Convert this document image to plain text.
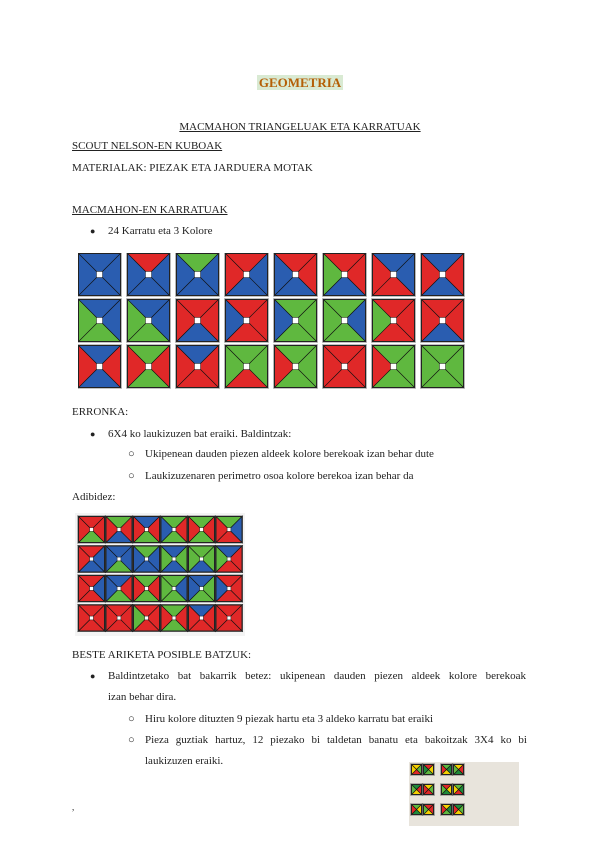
GEOMETRIA
MACMAHON TRIANGELUAK ETA KARRATUAK
SCOUT NELSON-EN KUBOAK
MATERIALAK: PIEZAK ETA JARDUERA MOTAK
MACMAHON-EN KARRATUAK
● 24 Karratu eta 3 Kolore
ERRONKA:
● 6X4 ko laukizuzen bat eraiki. Baldintzak:
○ Ukipenean dauden piezen aldeek kolore berekoak izan behar dute
○ Laukizuzenaren perimetro osoa kolore berekoa izan behar da
Adibidez:
BESTE ARIKETA POSIBLE BATZUK:
● Baldintzetako bat bakarrik betez: ukipenean dauden piezen aldeek kolore berekoak
izan behar dira.
○ Hiru kolore dituzten 9 piezak hartu eta 3 aldeko karratu bat eraiki
○ Pieza guztiak hartuz, 12 piezako bi taldetan banatu eta bakoitzak 3X4 ko bi
laukizuzen eraiki.
,
